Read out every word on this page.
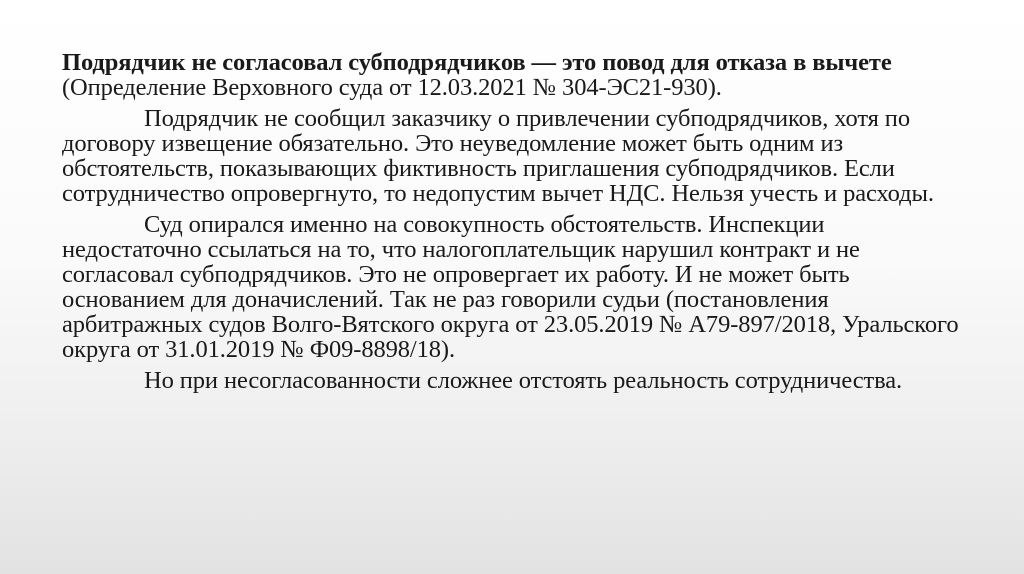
Подрядчик не согласовал субподрядчиков — это повод для отказа в вычете (Определение Верховного суда от 12.03.2021 № 304-ЭС21-930).

Подрядчик не сообщил заказчику о привлечении субподрядчиков, хотя по договору извещение обязательно. Это неуведомление может быть одним из обстоятельств, показывающих фиктивность приглашения субподрядчиков. Если сотрудничество опровергнуто, то недопустим вычет НДС. Нельзя учесть и расходы.

Суд опирался именно на совокупность обстоятельств. Инспекции недостаточно ссылаться на то, что налогоплательщик нарушил контракт и не согласовал субподрядчиков. Это не опровергает их работу. И не может быть основанием для доначислений. Так не раз говорили судьи (постановления арбитражных судов Волго-Вятского округа от 23.05.2019 № А79-897/2018, Уральского округа от 31.01.2019 № Ф09-8898/18).

Но при несогласованности сложнее отстоять реальность сотрудничества.
